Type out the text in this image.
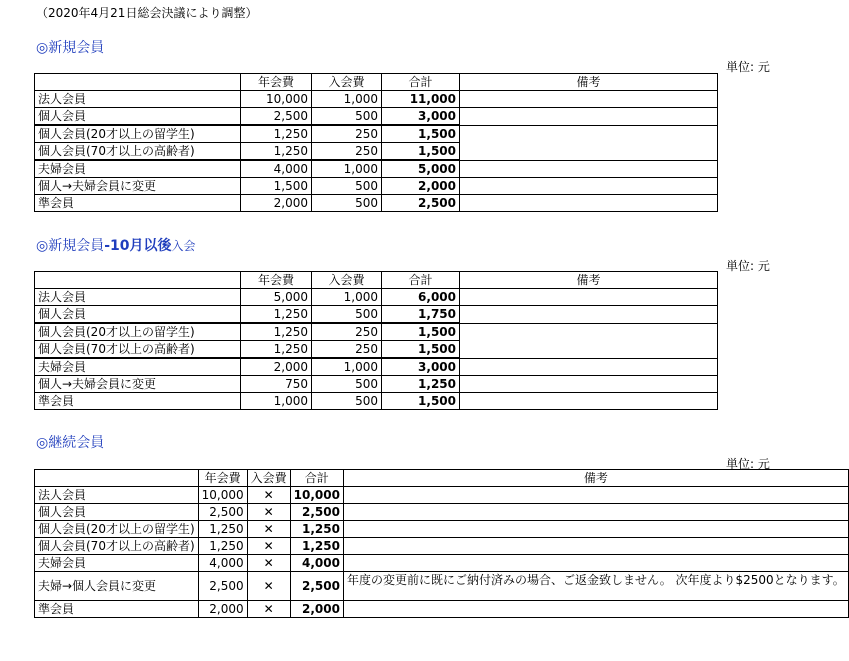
（2020年4月21日総会決議により調整）
◎新規会員
単位: 元
	年会費	入会費	合計	備考
法人会員	10,000	1,000	11,000	
個人会員	2,500	500	3,000	
個人会員(20才以上の留学生)	1,250	250	1,500	
個人会員(70才以上の高齢者)	1,250	250	1,500	
夫婦会員	4,000	1,000	5,000	
個人→夫婦会員に変更	1,500	500	2,000	
準会員	2,000	500	2,500	
◎新規会員-10月以後入会
単位: 元
	年会費	入会費	合計	備考
法人会員	5,000	1,000	6,000	
個人会員	1,250	500	1,750	
個人会員(20才以上の留学生)	1,250	250	1,500	
個人会員(70才以上の高齢者)	1,250	250	1,500	
夫婦会員	2,000	1,000	3,000	
個人→夫婦会員に変更	750	500	1,250	
準会員	1,000	500	1,500	
◎継続会員
単位: 元
	年会費	入会費	合計	備考
法人会員	10,000	✕	10,000	
個人会員	2,500	✕	2,500	
個人会員(20才以上の留学生)	1,250	✕	1,250	
個人会員(70才以上の高齢者)	1,250	✕	1,250	
夫婦会員	4,000	✕	4,000	
夫婦→個人会員に変更	2,500	✕	2,500	年度の変更前に既にご納付済みの場合、ご返金致しません。 次年度より$2500となります。
準会員	2,000	✕	2,000	
